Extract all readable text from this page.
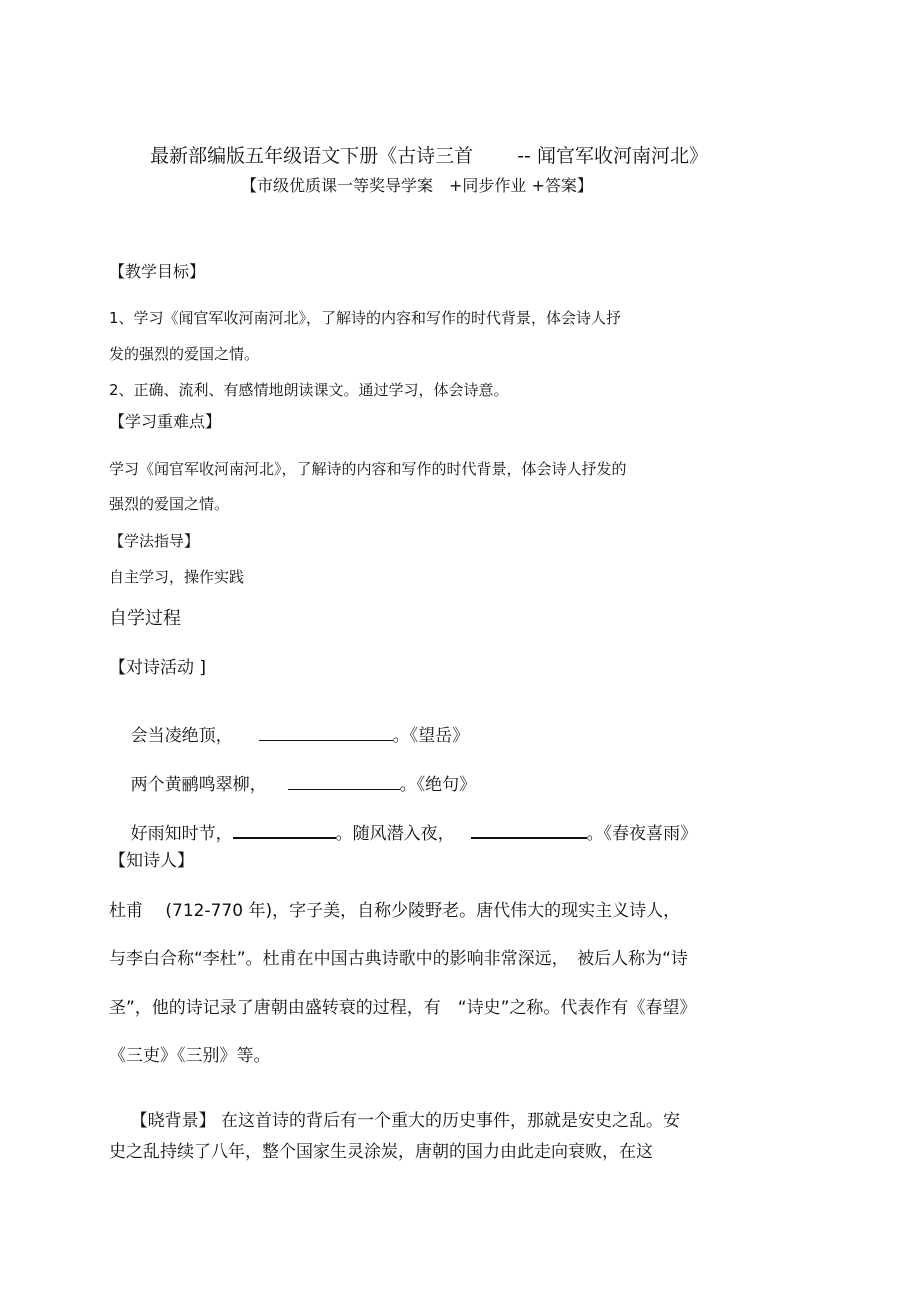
最新部编版五年级语文下册《古诗三首 -- 闻官军收河南河北》

【市级优质课一等奖导学案　+同步作业 +答案】
【教学目标】
1、学习《闻官军收河南河北》，了解诗的内容和写作的时代背景，体会诗人抒
发的强烈的爱国之情。
2、正确、流利、有感情地朗读课文。通过学习，体会诗意。
【学习重难点】
学习《闻官军收河南河北》，了解诗的内容和写作的时代背景，体会诗人抒发的
强烈的爱国之情。
【学法指导】
自主学习，操作实践
自学过程
【对诗活动 ]

会当凌绝顶，	。《望岳》

两个黄鹂鸣翠柳，	。《绝句》

好雨知时节，	。随风潜入夜，	。《春夜喜雨》

【知诗人】
杜甫　 (712-770 年)，字子美，自称少陵野老。唐代伟大的现实主义诗人，
与李白合称“李杜”。杜甫在中国古典诗歌中的影响非常深远，　被后人称为“诗
圣”，他的诗记录了唐朝由盛转衰的过程，有　“诗史”之称。代表作有《春望》
《三吏》《三别》等。

【晓背景】 在这首诗的背后有一个重大的历史事件，那就是安史之乱。安

史之乱持续了八年，整个国家生灵涂炭，唐朝的国力由此走向衰败，在这
